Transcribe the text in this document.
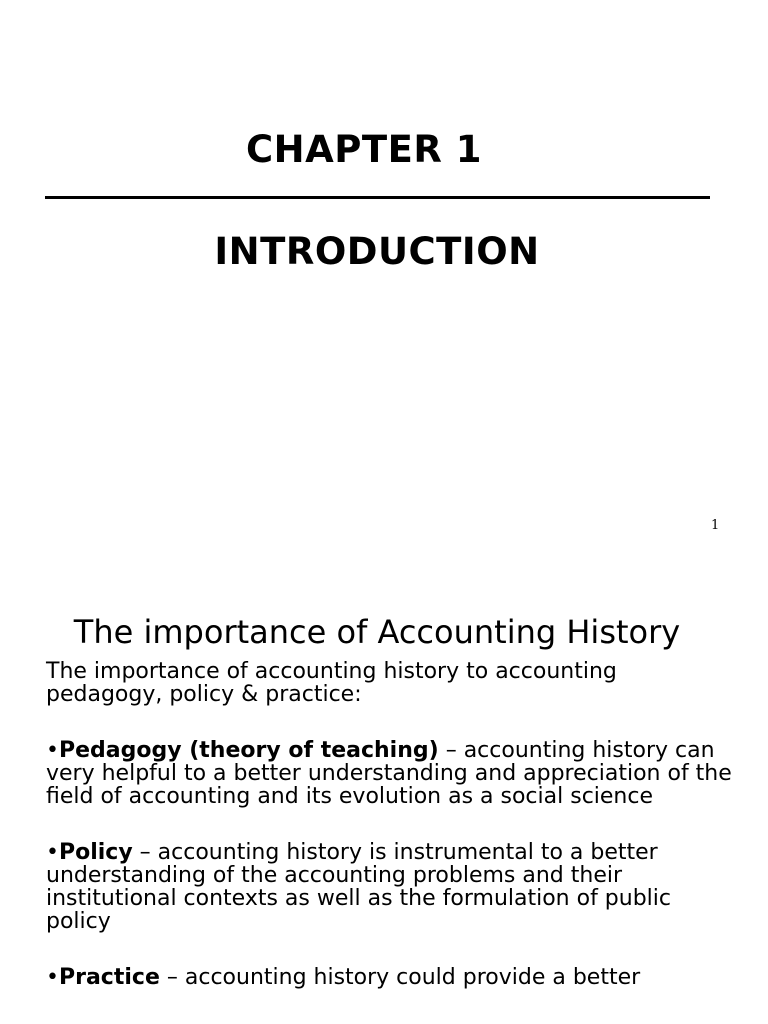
CHAPTER 1
INTRODUCTION
1
The importance of Accounting History

The importance of accounting history to accounting pedagogy, policy & practice:

•Pedagogy (theory of teaching) – accounting history can very helpful to a better understanding and appreciation of the field of accounting and its evolution as a social science

•Policy – accounting history is instrumental to a better understanding of the accounting problems and their institutional contexts as well as the formulation of public policy

•Practice – accounting history could provide a better
